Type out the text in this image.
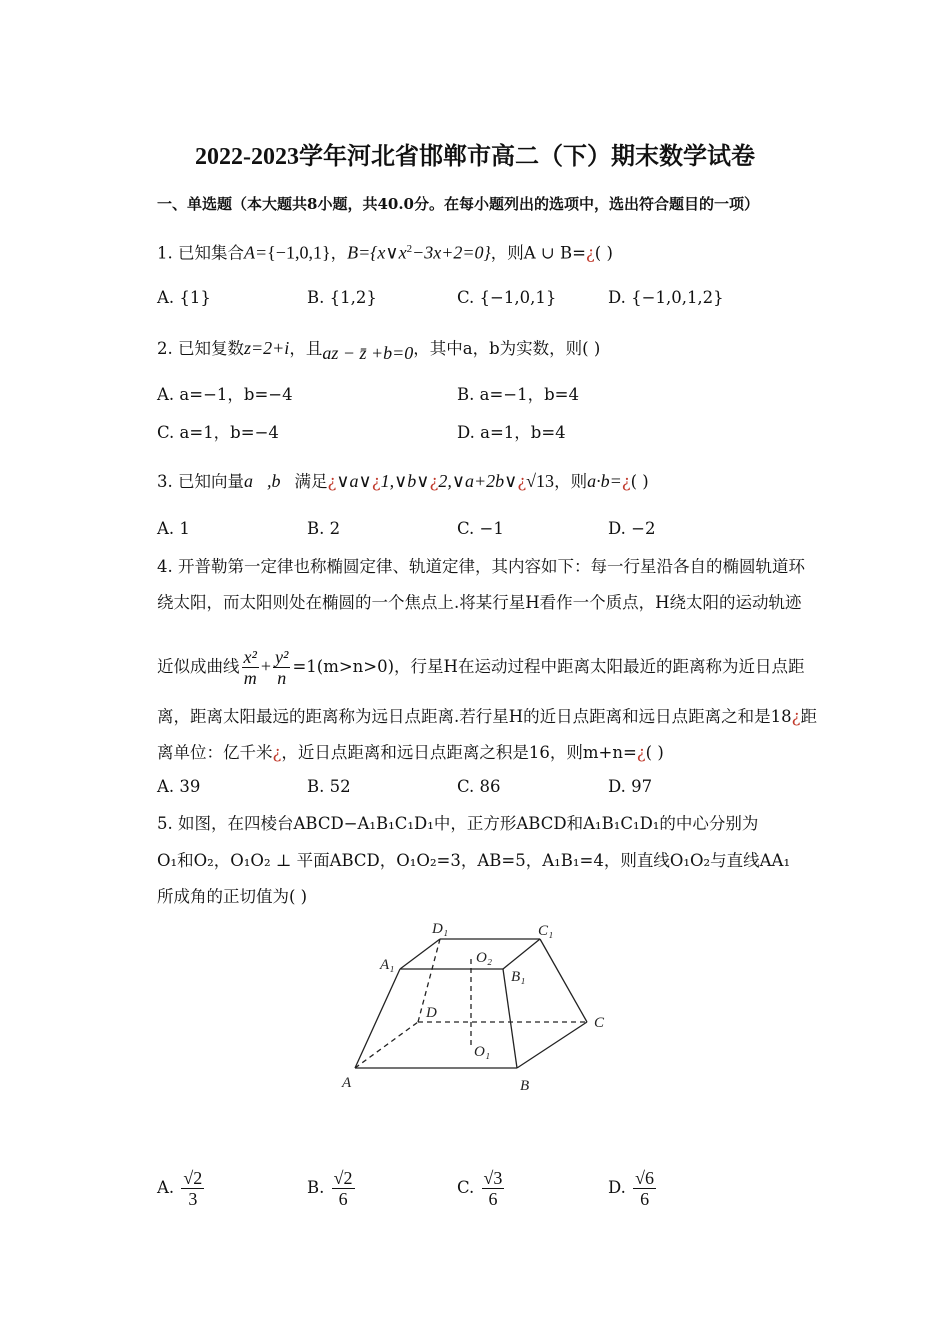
2022-2023学年河北省邯郸市高二（下）期末数学试卷
一、单选题（本大题共8小题，共40.0分。在每小题列出的选项中，选出符合题目的一项）
1. 已知集合A={−1,0,1}，$B=\{x\vee x^2-3x+2=0\}$，则A ∪ B=¿( )
A. {1}	B. {1,2}	C. {−1,0,1}	D. {−1,0,1,2}
2. 已知复数z=2+i，且az − z̄ +b=0，其中a，b为实数，则( )
A. a=−1，b=−4	B. a=−1，b=4
C. a=1，b=−4	D. a=1，b=4
3. 已知向量a⃗,b⃗满足¿∨a∨¿1,∨b∨¿2,∨a+2b∨¿√13，则a·b=¿( )
A. 1	B. 2	C. −1	D. −2
4. 开普勒第一定律也称椭圆定律、轨道定律，其内容如下：每一行星沿各自的椭圆轨道环
绕太阳，而太阳则处在椭圆的一个焦点上.将某行星H看作一个质点，H绕太阳的运动轨迹
近似成曲线 $\frac{\text{x²}}{m} + \frac{\text{y²}}{n} =1(m>n>0)$，行星H在运动过程中距离太阳最近的距离称为近日点距
离，距离太阳最远的距离称为远日点距离.若行星H的近日点距离和远日点距离之和是18¿距
离单位：亿千米¿，近日点距离和远日点距离之积是16，则m+n=¿( )
A. 39	B. 52	C. 86	D. 97
5. 如图，在四棱台ABCD−A₁B₁C₁D₁中，正方形ABCD和A₁B₁C₁D₁的中心分别为
O₁和O₂，O₁O₂ ⊥ 平面ABCD，O₁O₂=3，AB=5，A₁B₁=4，则直线O₁O₂与直线AA₁
所成角的正切值为( )
A	B
C
D
A₁
B₁
C₁
D₁
O₁
O₂
A. $\frac{√2}{3}$	B. $\frac{√2}{6}$	C. $\frac{√3}{6}$	D. $\frac{√6}{6}$
